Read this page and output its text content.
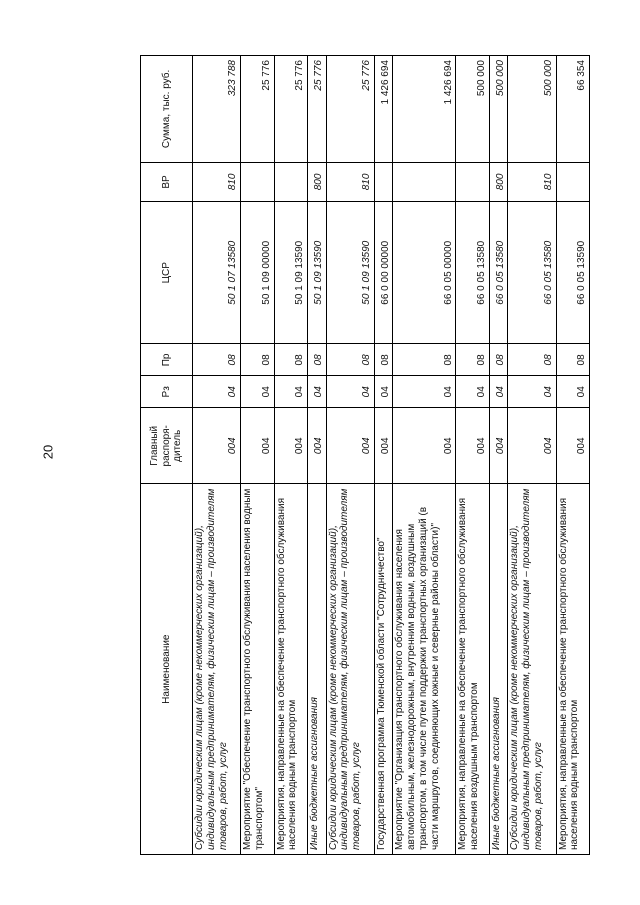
20
Наименование	Главный распоря-дитель	Рз	Пр	ЦСР	ВР	Сумма, тыс. руб.
Субсидии юридическим лицам (кроме некоммерческих организаций), индивидуальным предпринимателям, физическим лицам – производителям товаров, работ, услуг	004	04	08	50 1 07 13580	810	323 788
Мероприятие "Обеспечение транспортного обслуживания населения водным транспортом"	004	04	08	50 1 09 00000		25 776
Мероприятия, направленные на обеспечение транспортного обслуживания населения водным транспортом	004	04	08	50 1 09 13590		25 776
Иные бюджетные ассигнования	004	04	08	50 1 09 13590	800	25 776
Субсидии юридическим лицам (кроме некоммерческих организаций), индивидуальным предпринимателям, физическим лицам – производителям товаров, работ, услуг	004	04	08	50 1 09 13590	810	25 776
Государственная программа Тюменской области "Сотрудничество"	004	04	08	66 0 00 00000		1 426 694
Мероприятие "Организация транспортного обслуживания населения автомобильным, железнодорожным, внутренним водным, воздушным транспортом, в том числе путем поддержки транспортных организаций (в части маршрутов, соединяющих южные и северные районы области)"	004	04	08	66 0 05 00000		1 426 694
Мероприятия, направленные на обеспечение транспортного обслуживания населения воздушным транспортом	004	04	08	66 0 05 13580		500 000
Иные бюджетные ассигнования	004	04	08	66 0 05 13580	800	500 000
Субсидии юридическим лицам (кроме некоммерческих организаций), индивидуальным предпринимателям, физическим лицам – производителям товаров, работ, услуг	004	04	08	66 0 05 13580	810	500 000
Мероприятия, направленные на обеспечение транспортного обслуживания населения водным транспортом	004	04	08	66 0 05 13590		66 354
